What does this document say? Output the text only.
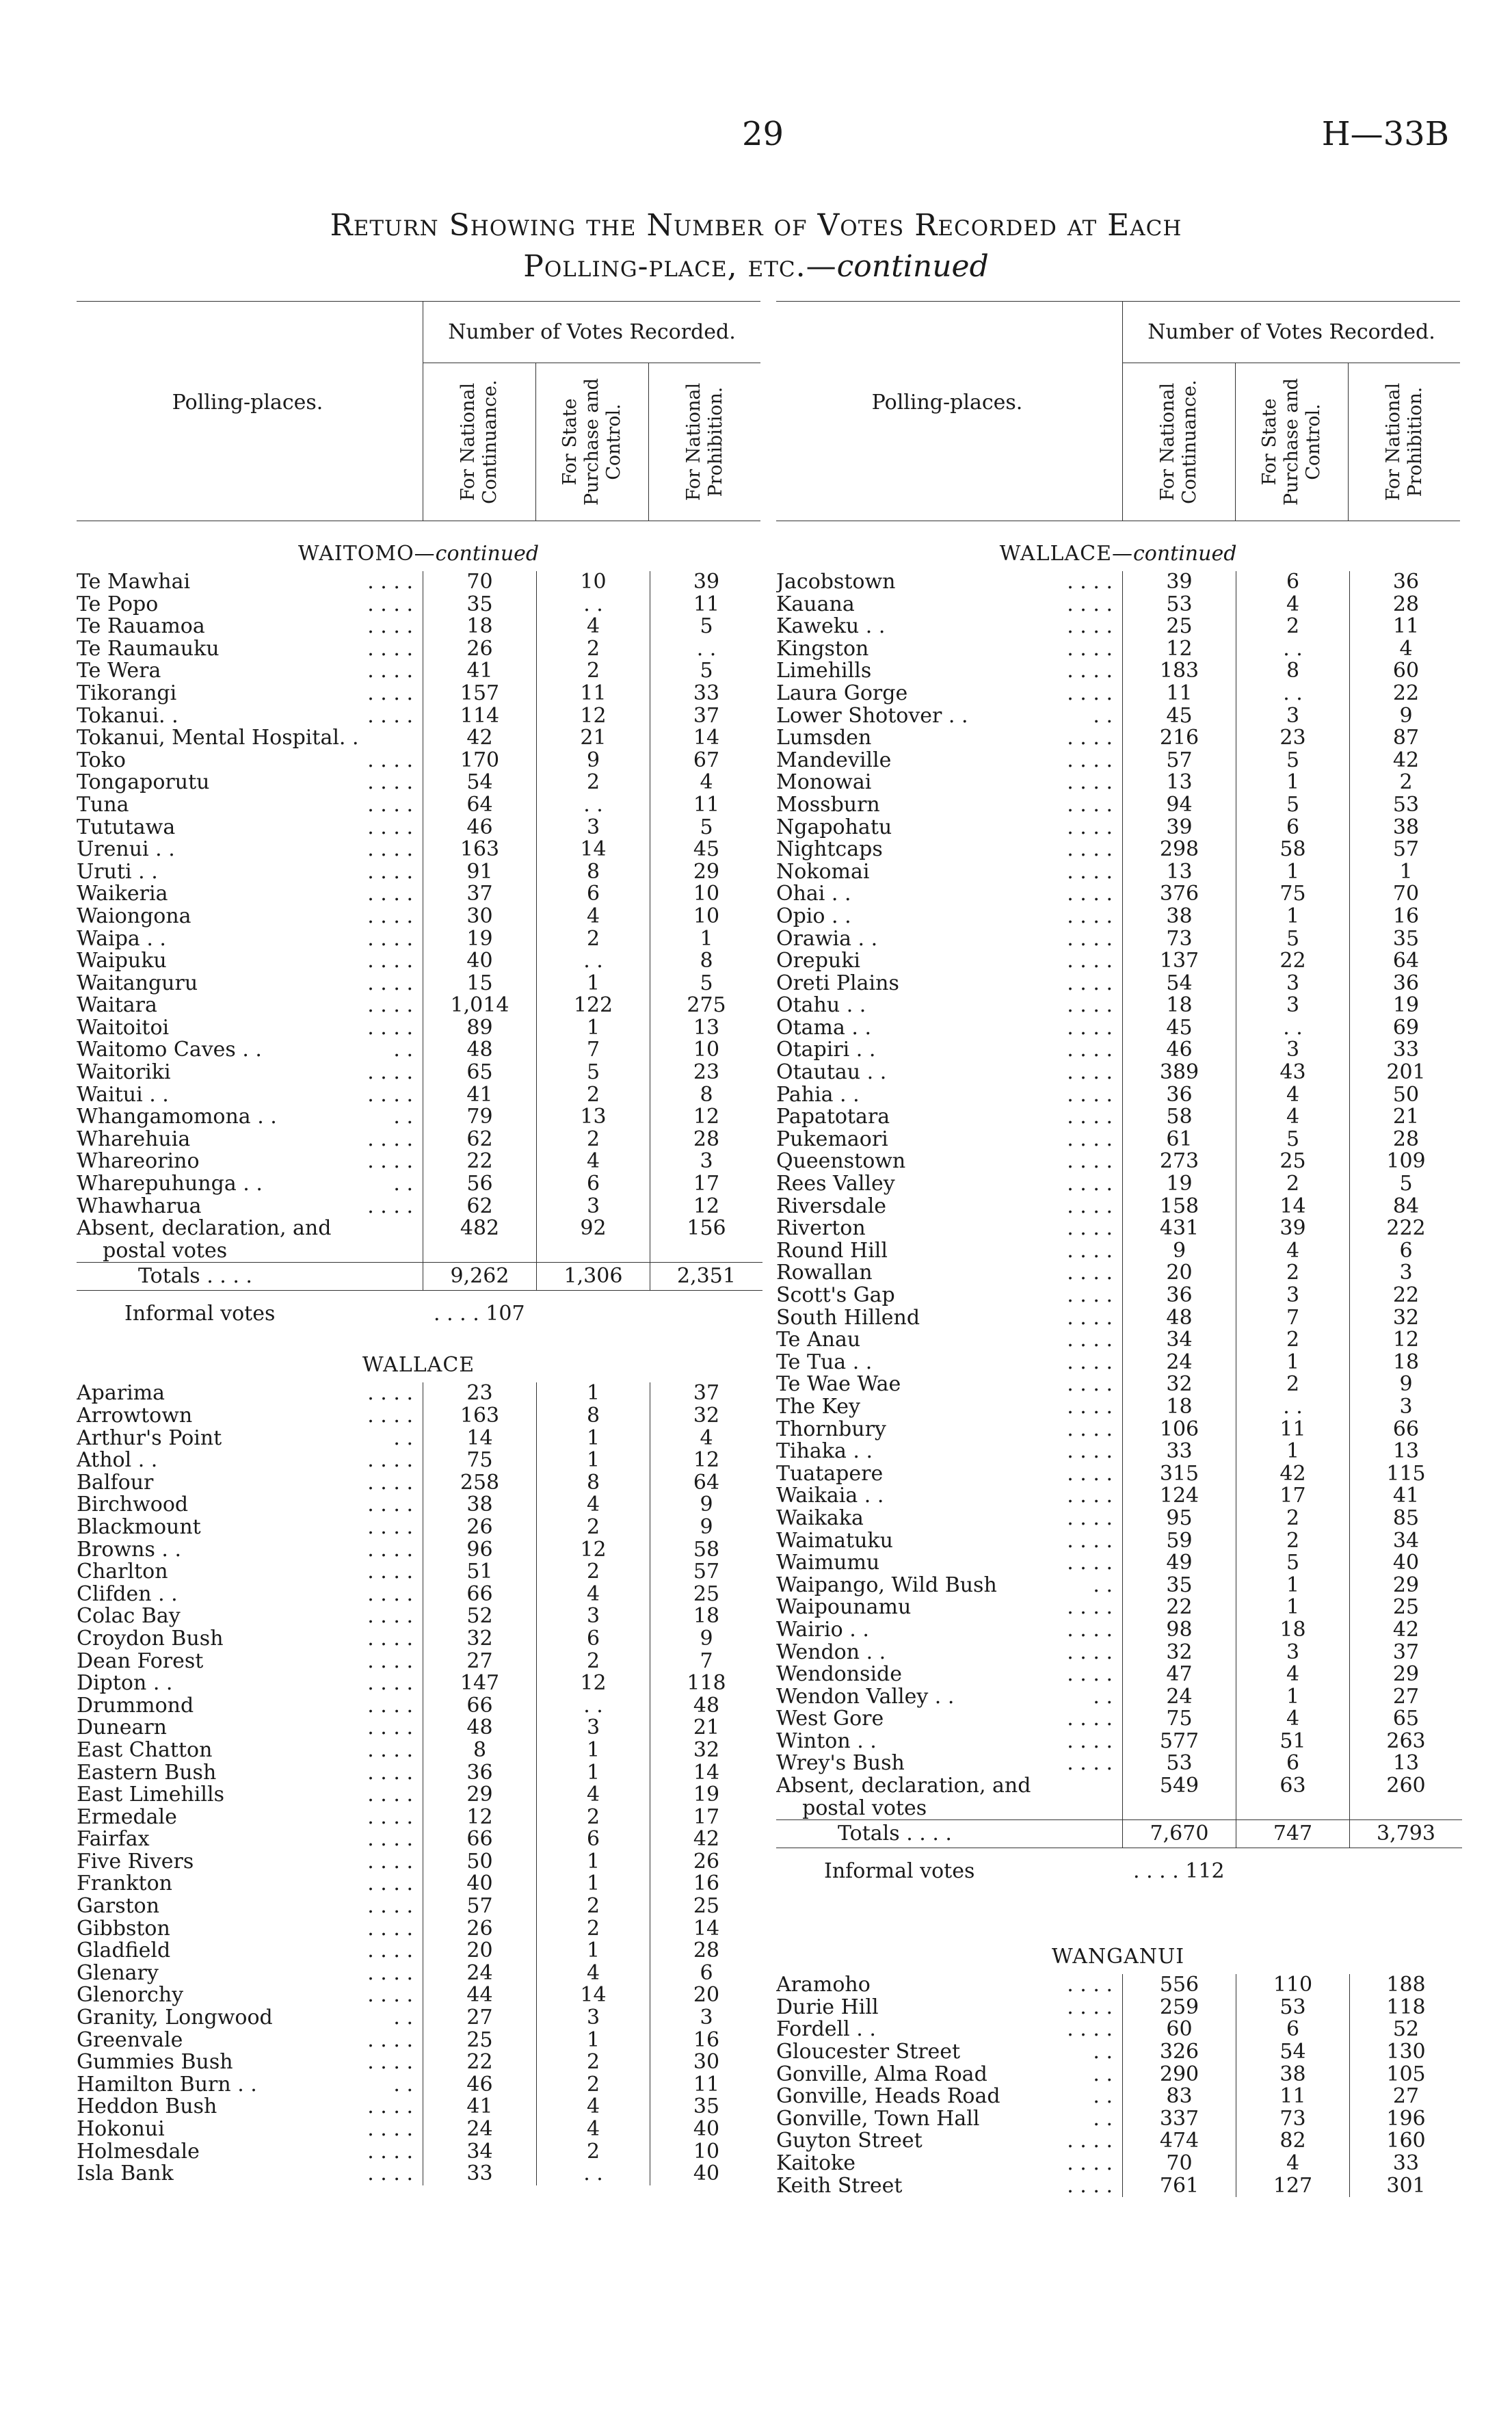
29	H—33B
Return Showing the Number of Votes Recorded at Each
Polling-place, etc.—continued
Polling-places.
Number of Votes Recorded.
For National Continuance.	For State Purchase and Control.	For National Prohibition.
WAITOMO—continued
Te Mawhai . . . .	70	10	39
Te Popo . . . .	35	. .	11
Te Rauamoa . . . .	18	4	5
Te Raumauku . . . .	26	2	. .
Te Wera . . . .	41	2	5
Tikorangi . . . .	157	11	33
Tokanui. . . . . .	114	12	37
Tokanui, Mental Hospital. .	42	21	14
Toko . . . .	170	9	67
Tongaporutu . . . .	54	2	4
Tuna . . . .	64	. .	11
Tututawa . . . .	46	3	5
Urenui . . . . . .	163	14	45
Uruti . . . . . .	91	8	29
Waikeria . . . .	37	6	10
Waiongona . . . .	30	4	10
Waipa . . . . . .	19	2	1
Waipuku . . . .	40	. .	8
Waitanguru . . . .	15	1	5
Waitara . . . .	1,014	122	275
Waitoitoi . . . .	89	1	13
Waitomo Caves . . . .	48	7	10
Waitoriki . . . .	65	5	23
Waitui . . . . . .	41	2	8
Whangamomona . . . .	79	13	12
Wharehuia . . . .	62	2	28
Whareorino . . . .	22	4	3
Wharepuhunga . . . .	56	6	17
Whawharua . . . .	62	3	12
Absent, declaration, and	482	92	156
postal votes			
Totals . . . .	9,262	1,306	2,351
Informal votes	. . . . 107
WALLACE
Aparima . . . .	23	1	37
Arrowtown . . . .	163	8	32
Arthur's Point . .	14	1	4
Athol . . . . . .	75	1	12
Balfour . . . .	258	8	64
Birchwood . . . .	38	4	9
Blackmount . . . .	26	2	9
Browns . . . . . .	96	12	58
Charlton . . . .	51	2	57
Clifden . . . . . .	66	4	25
Colac Bay . . . .	52	3	18
Croydon Bush . . . .	32	6	9
Dean Forest . . . .	27	2	7
Dipton . . . . . .	147	12	118
Drummond . . . .	66	. .	48
Dunearn . . . .	48	3	21
East Chatton . . . .	8	1	32
Eastern Bush . . . .	36	1	14
East Limehills . . . .	29	4	19
Ermedale . . . .	12	2	17
Fairfax . . . .	66	6	42
Five Rivers . . . .	50	1	26
Frankton . . . .	40	1	16
Garston . . . .	57	2	25
Gibbston . . . .	26	2	14
Gladfield . . . .	20	1	28
Glenary . . . .	24	4	6
Glenorchy . . . .	44	14	20
Granity, Longwood . .	27	3	3
Greenvale . . . .	25	1	16
Gummies Bush . . . .	22	2	30
Hamilton Burn . . . .	46	2	11
Heddon Bush . . . .	41	4	35
Hokonui . . . .	24	4	40
Holmesdale . . . .	34	2	10
Isla Bank . . . .	33	. .	40
Polling-places.
Number of Votes Recorded.
For National Continuance.	For State Purchase and Control.	For National Prohibition.
WALLACE—continued
Jacobstown . . . .	39	6	36
Kauana . . . .	53	4	28
Kaweku . . . . . .	25	2	11
Kingston . . . .	12	. .	4
Limehills . . . .	183	8	60
Laura Gorge . . . .	11	. .	22
Lower Shotover . . . .	45	3	9
Lumsden . . . .	216	23	87
Mandeville . . . .	57	5	42
Monowai . . . .	13	1	2
Mossburn . . . .	94	5	53
Ngapohatu . . . .	39	6	38
Nightcaps . . . .	298	58	57
Nokomai . . . .	13	1	1
Ohai . . . . . .	376	75	70
Opio . . . . . .	38	1	16
Orawia . . . . . .	73	5	35
Orepuki . . . .	137	22	64
Oreti Plains . . . .	54	3	36
Otahu . . . . . .	18	3	19
Otama . . . . . .	45	. .	69
Otapiri . . . . . .	46	3	33
Otautau . . . . . .	389	43	201
Pahia . . . . . .	36	4	50
Papatotara . . . .	58	4	21
Pukemaori . . . .	61	5	28
Queenstown . . . .	273	25	109
Rees Valley . . . .	19	2	5
Riversdale . . . .	158	14	84
Riverton . . . .	431	39	222
Round Hill . . . .	9	4	6
Rowallan . . . .	20	2	3
Scott's Gap . . . .	36	3	22
South Hillend . . . .	48	7	32
Te Anau . . . .	34	2	12
Te Tua . . . . . .	24	1	18
Te Wae Wae . . . .	32	2	9
The Key . . . .	18	. .	3
Thornbury . . . .	106	11	66
Tihaka . . . . . .	33	1	13
Tuatapere . . . .	315	42	115
Waikaia . . . . . .	124	17	41
Waikaka . . . .	95	2	85
Waimatuku . . . .	59	2	34
Waimumu . . . .	49	5	40
Waipango, Wild Bush . .	35	1	29
Waipounamu . . . .	22	1	25
Wairio . . . . . .	98	18	42
Wendon . . . . . .	32	3	37
Wendonside . . . .	47	4	29
Wendon Valley . . . .	24	1	27
West Gore . . . .	75	4	65
Winton . . . . . .	577	51	263
Wrey's Bush . . . .	53	6	13
Absent, declaration, and	549	63	260
postal votes			
Totals . . . .	7,670	747	3,793
Informal votes	. . . . 112
WANGANUI
Aramoho . . . .	556	110	188
Durie Hill . . . .	259	53	118
Fordell . . . . . .	60	6	52
Gloucester Street . .	326	54	130
Gonville, Alma Road . .	290	38	105
Gonville, Heads Road . .	83	11	27
Gonville, Town Hall . .	337	73	196
Guyton Street . . . .	474	82	160
Kaitoke . . . .	70	4	33
Keith Street . . . .	761	127	301
